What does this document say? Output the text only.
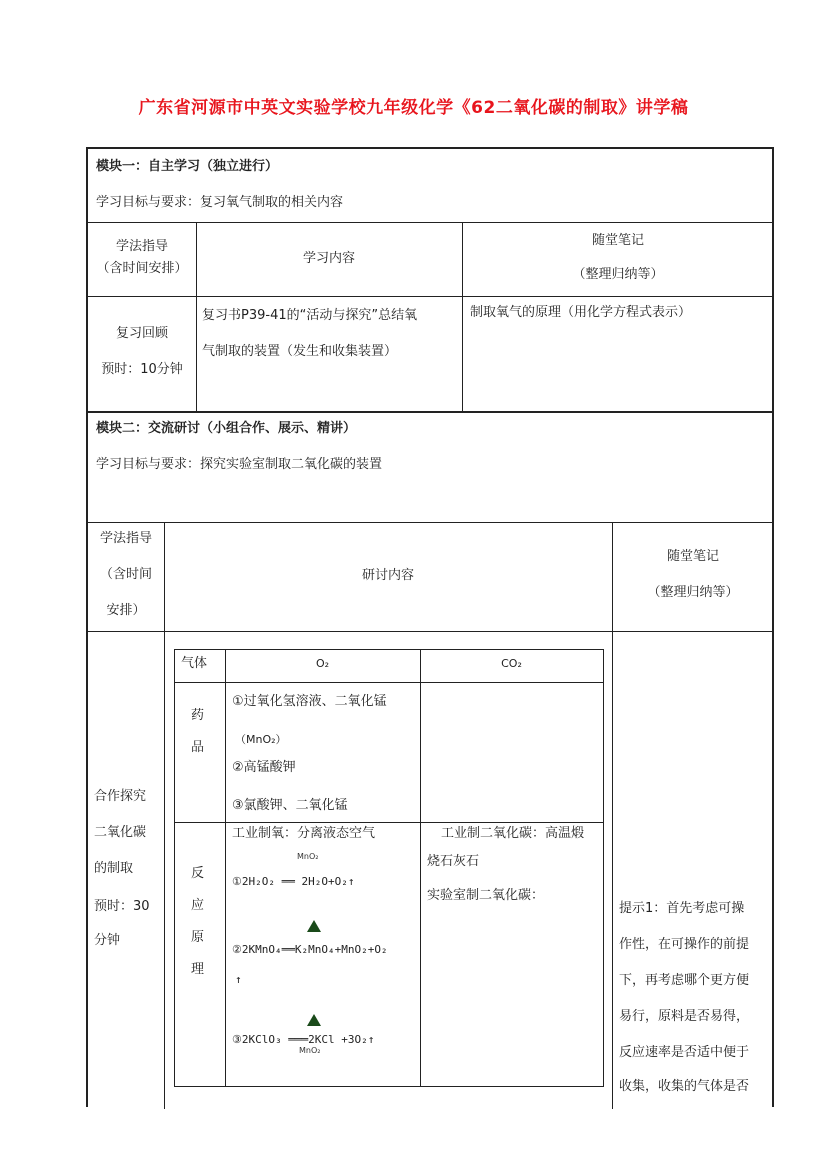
广东省河源市中英文实验学校九年级化学《62二氧化碳的制取》讲学稿
模块一：自主学习（独立进行）
学习目标与要求：复习氧气制取的相关内容
学法指导
（含时间安排）
学习内容
随堂笔记
（整理归纳等）
复习回顾
预时：10分钟
复习书P39-41的“活动与探究”总结氧
气制取的装置（发生和收集装置）
制取氧气的原理（用化学方程式表示）
模块二：交流研讨（小组合作、展示、精讲）
学习目标与要求：探究实验室制取二氧化碳的装置
学法指导
（含时间
安排）
研讨内容
随堂笔记
（整理归纳等）
合作探究
二氧化碳
的制取
预时：30
分钟
提示1：首先考虑可操
作性，在可操作的前提
下，再考虑哪个更方便
易行，原料是否易得，
反应速率是否适中便于
收集，收集的气体是否
气体	O₂	CO₂
药
品
①过氧化氢溶液、二氧化锰
（MnO₂）
②高锰酸钾
③氯酸钾、二氧化锰
反
应
原
理
工业制氧：分离液态空气
MnO₂
①2H₂O₂ ══ 2H₂O+O₂↑
②2KMnO₄══K₂MnO₄+MnO₂+O₂
↑
③2KClO₃ ═══2KCl +3O₂↑
MnO₂
工业制二氧化碳：高温煅
烧石灰石
实验室制二氧化碳：
